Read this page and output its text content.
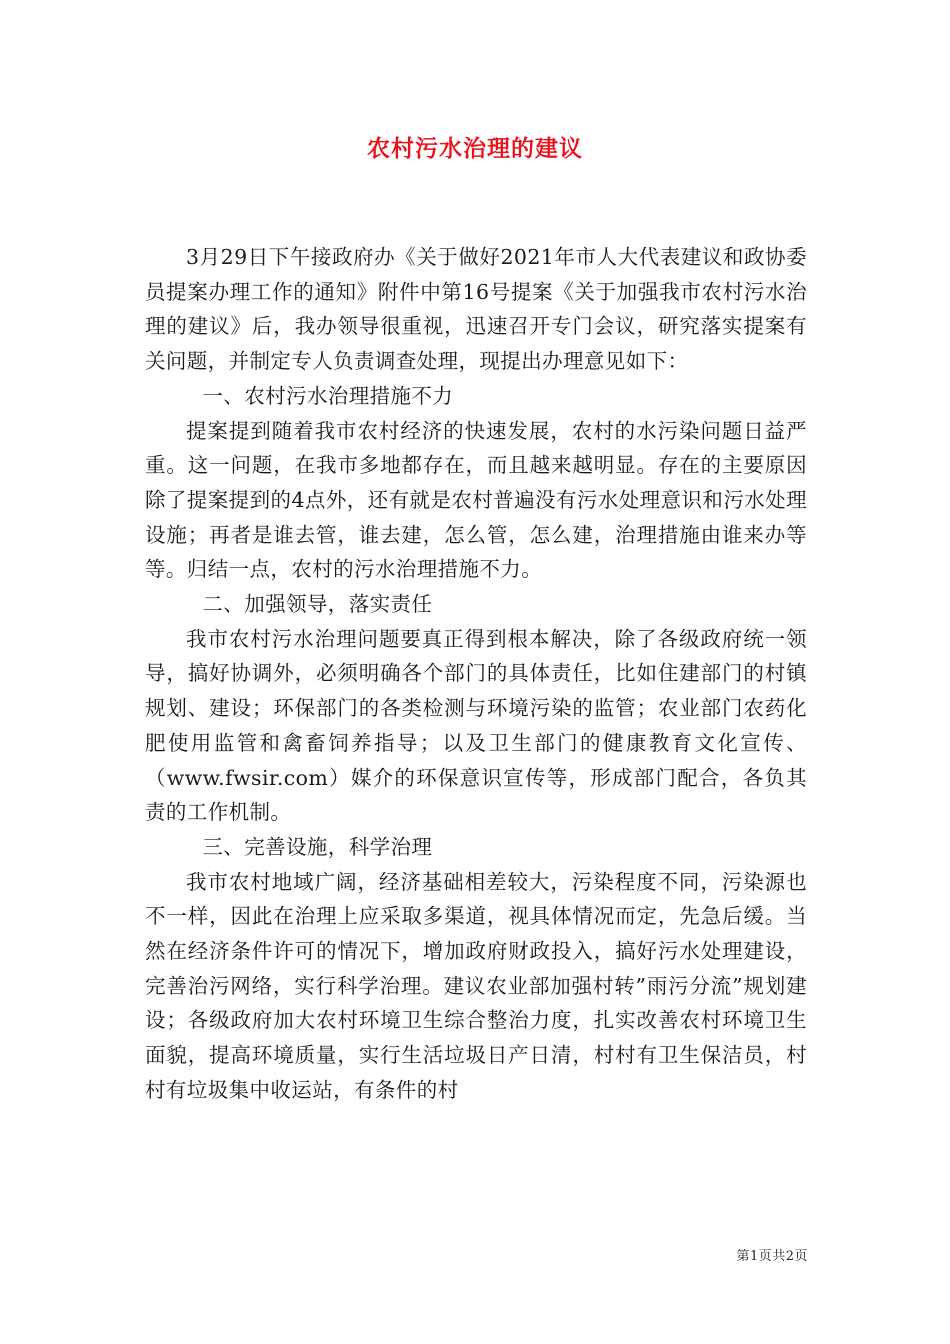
农村污水治理的建议

3月29日下午接政府办《关于做好2021年市人大代表建议和政协委员提案办理工作的通知》附件中第16号提案《关于加强我市农村污水治理的建议》后，我办领导很重视，迅速召开专门会议，研究落实提案有关问题，并制定专人负责调查处理，现提出办理意见如下：

一、农村污水治理措施不力

提案提到随着我市农村经济的快速发展，农村的水污染问题日益严重。这一问题，在我市多地都存在，而且越来越明显。存在的主要原因除了提案提到的4点外，还有就是农村普遍没有污水处理意识和污水处理设施；再者是谁去管，谁去建，怎么管，怎么建，治理措施由谁来办等等。归结一点，农村的污水治理措施不力。

二、加强领导，落实责任

我市农村污水治理问题要真正得到根本解决，除了各级政府统一领导，搞好协调外，必须明确各个部门的具体责任，比如住建部门的村镇规划、建设；环保部门的各类检测与环境污染的监管；农业部门农药化肥使用监管和禽畜饲养指导；以及卫生部门的健康教育文化宣传、（www.fwsir.com）媒介的环保意识宣传等，形成部门配合，各负其责的工作机制。

三、完善设施，科学治理

我市农村地域广阔，经济基础相差较大，污染程度不同，污染源也不一样，因此在治理上应采取多渠道，视具体情况而定，先急后缓。当然在经济条件许可的情况下，增加政府财政投入，搞好污水处理建设，完善治污网络，实行科学治理。建议农业部加强村转”雨污分流”规划建设；各级政府加大农村环境卫生综合整治力度，扎实改善农村环境卫生面貌，提高环境质量，实行生活垃圾日产日清，村村有卫生保洁员，村村有垃圾集中收运站，有条件的村

第1页共2页
